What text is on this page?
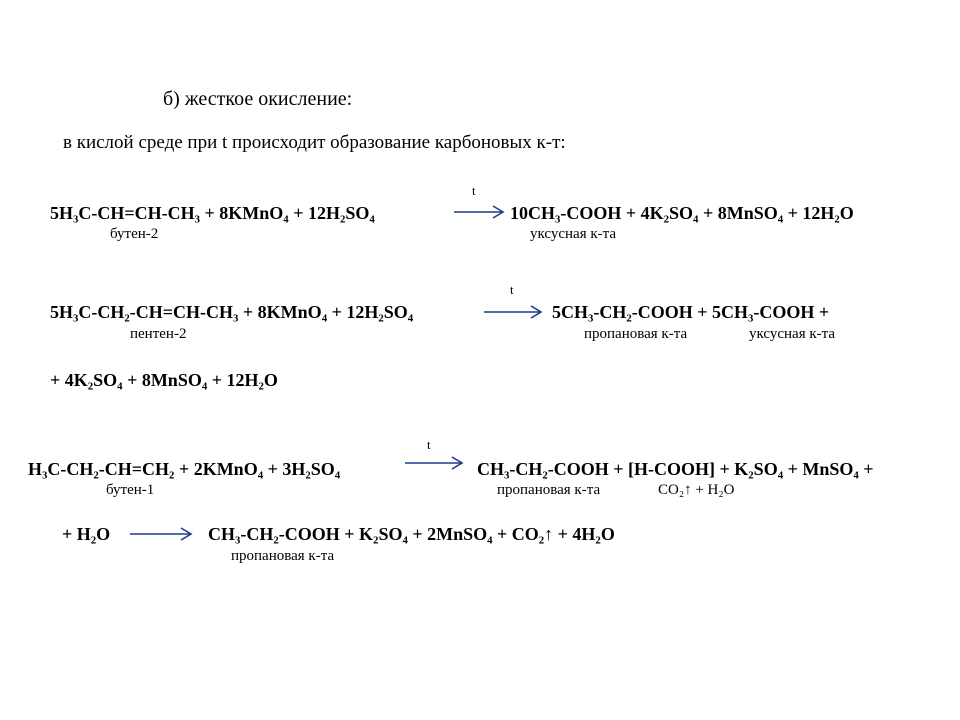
б) жесткое окисление:
в кислой среде при t происходит образование карбоновых к-т:
t
5H₃C-CH=CH-CH₃ + 8KMnO₄ + 12H₂SO₄	→ 10CH₃-COOH + 4K₂SO₄ + 8MnSO₄ + 12H₂O
бутен-2	уксусная к-та
t
5H₃C-CH₂-CH=CH-CH₃ + 8KMnO₄ + 12H₂SO₄	→ 5CH₃-CH₂-COOH + 5CH₃-COOH +
пентен-2	пропановая к-та	уксусная к-та
+ 4K₂SO₄ + 8MnSO₄ + 12H₂O
t
H₃C-CH₂-CH=CH₂ + 2KMnO₄ + 3H₂SO₄	→ CH₃-CH₂-COOH + [H-COOH] + K₂SO₄ + MnSO₄ +
бутен-1	пропановая к-та	CO₂↑ + H₂O
+ H₂O → CH₃-CH₂-COOH + K₂SO₄ + 2MnSO₄ + CO₂↑ + 4H₂O
пропановая к-та
